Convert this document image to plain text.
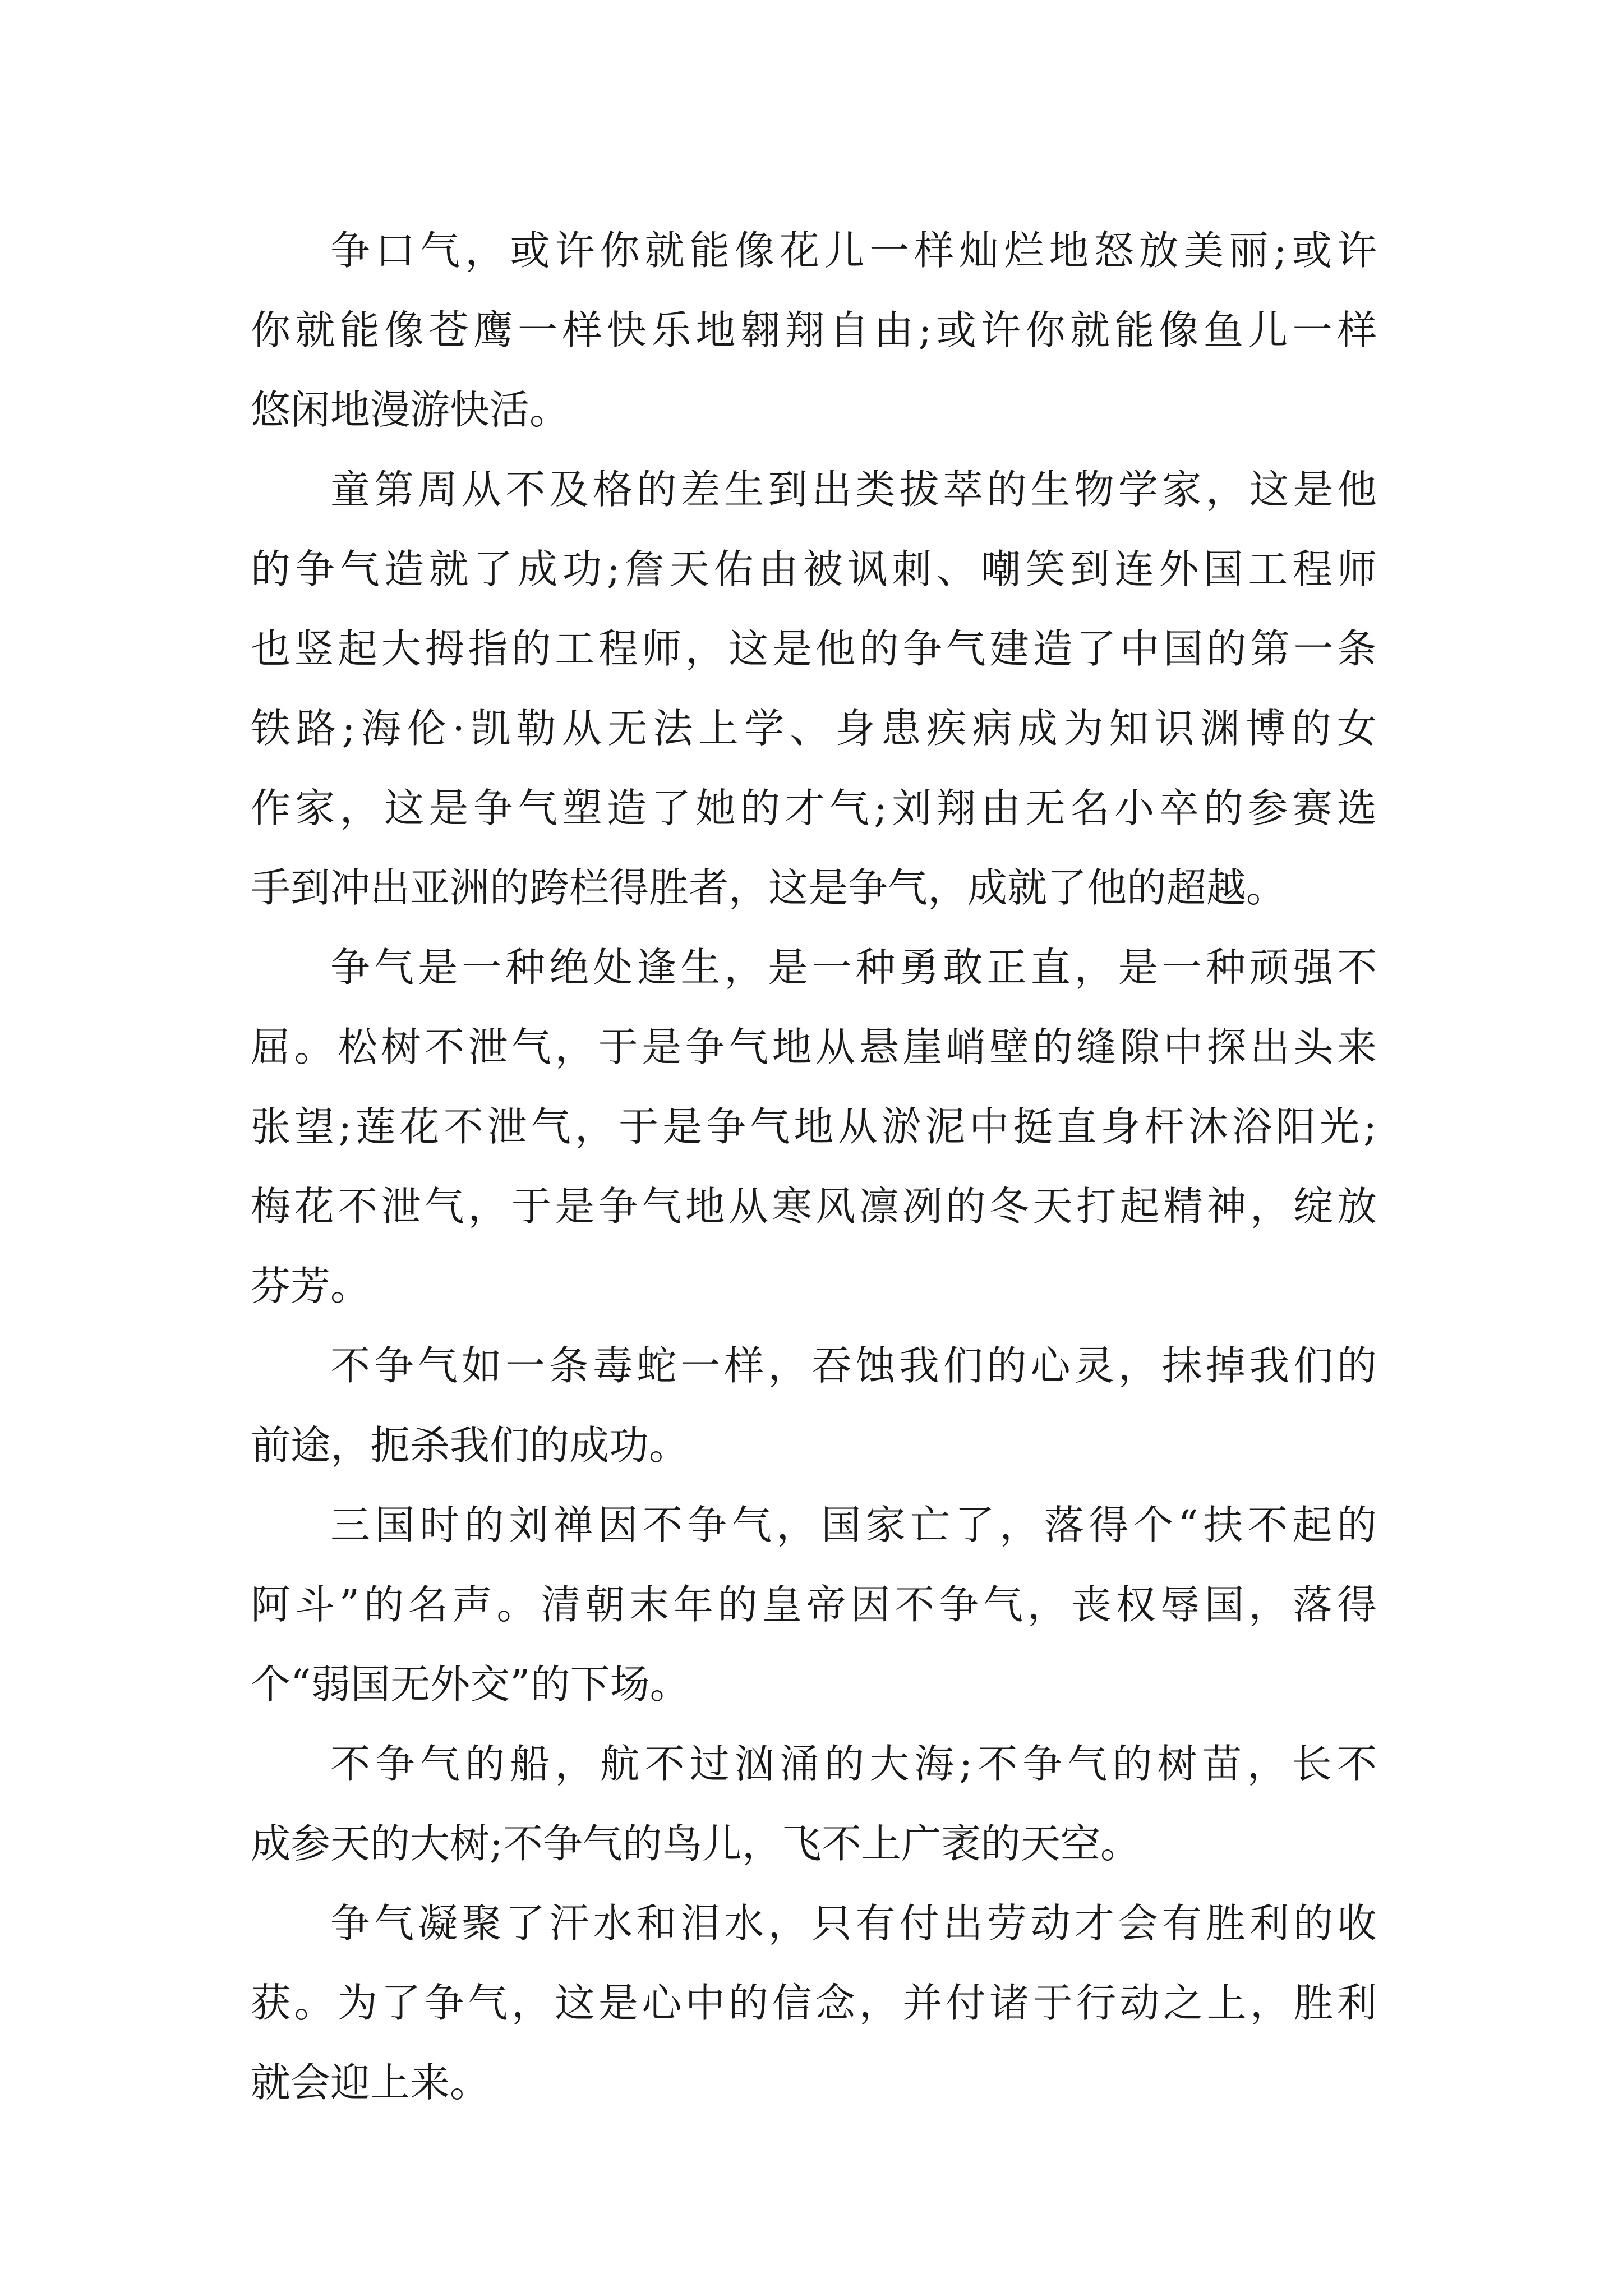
争口气，或许你就能像花儿一样灿烂地怒放美丽;或许
你就能像苍鹰一样快乐地翱翔自由;或许你就能像鱼儿一样
悠闲地漫游快活。
童第周从不及格的差生到出类拔萃的生物学家，这是他
的争气造就了成功;詹天佑由被讽刺、嘲笑到连外国工程师
也竖起大拇指的工程师，这是他的争气建造了中国的第一条
铁路;海伦·凯勒从无法上学、身患疾病成为知识渊博的女
作家，这是争气塑造了她的才气;刘翔由无名小卒的参赛选
手到冲出亚洲的跨栏得胜者，这是争气，成就了他的超越。
争气是一种绝处逢生，是一种勇敢正直，是一种顽强不
屈。松树不泄气，于是争气地从悬崖峭壁的缝隙中探出头来
张望;莲花不泄气，于是争气地从淤泥中挺直身杆沐浴阳光;
梅花不泄气，于是争气地从寒风凛冽的冬天打起精神，绽放
芬芳。
不争气如一条毒蛇一样，吞蚀我们的心灵，抹掉我们的
前途，扼杀我们的成功。
三国时的刘禅因不争气，国家亡了，落得个“扶不起的
阿斗”的名声。清朝末年的皇帝因不争气，丧权辱国，落得
个“弱国无外交”的下场。
不争气的船，航不过汹涌的大海;不争气的树苗，长不
成参天的大树;不争气的鸟儿，飞不上广袤的天空。
争气凝聚了汗水和泪水，只有付出劳动才会有胜利的收
获。为了争气，这是心中的信念，并付诸于行动之上，胜利
就会迎上来。
